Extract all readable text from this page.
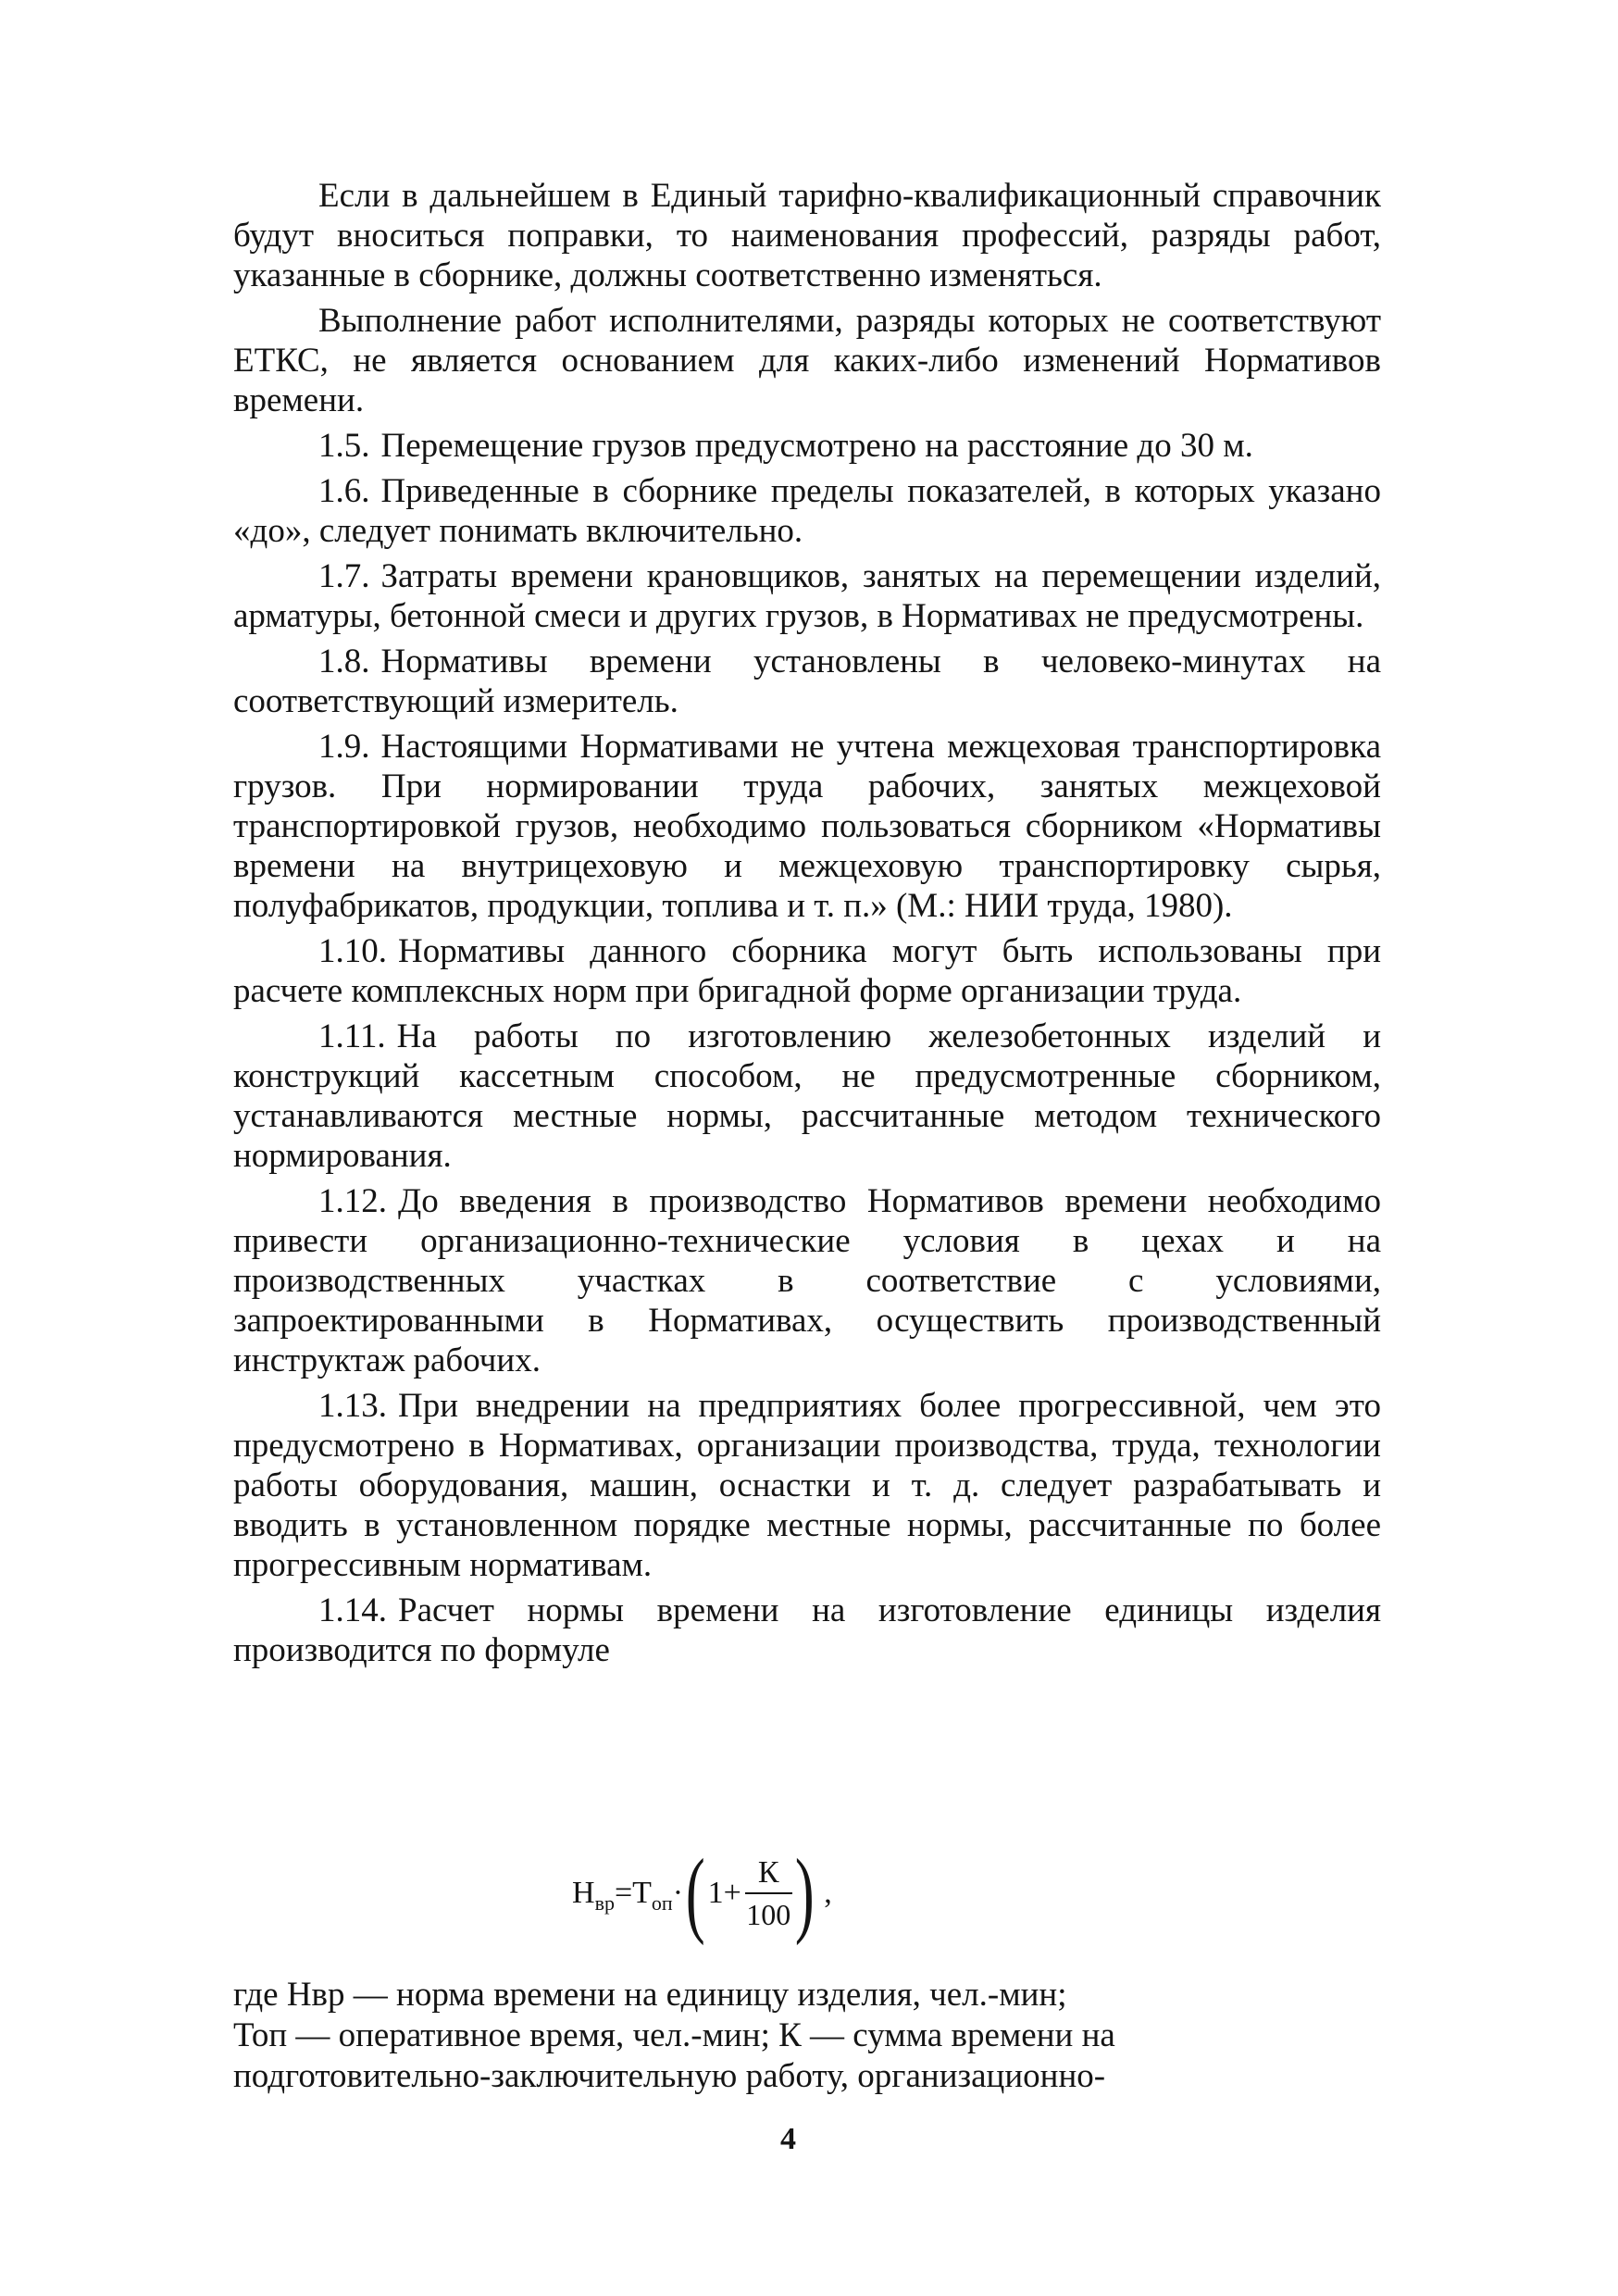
Если в дальнейшем в Единый тарифно-квалификационный справочник будут вноситься поправки, то наименования профессий, разряды работ, указанные в сборнике, должны соответственно изменяться.

Выполнение работ исполнителями, разряды которых не соответствуют ЕТКС, не является основанием для каких-либо изменений Нормативов времени.

1.5. Перемещение грузов предусмотрено на расстояние до 30 м.

1.6. Приведенные в сборнике пределы показателей, в которых указано «до», следует понимать включительно.

1.7. Затраты времени крановщиков, занятых на перемещении изделий, арматуры, бетонной смеси и других грузов, в Нормативах не предусмотрены.

1.8. Нормативы времени установлены в человеко-минутах на соответствующий измеритель.

1.9. Настоящими Нормативами не учтена межцеховая транспортировка грузов. При нормировании труда рабочих, занятых межцеховой транспортировкой грузов, необходимо пользоваться сборником «Нормативы времени на внутрицеховую и межцеховую транспортировку сырья, полуфабрикатов, продукции, топлива и т. п.» (М.: НИИ труда, 1980).

1.10. Нормативы данного сборника могут быть использованы при расчете комплексных норм при бригадной форме организации труда.

1.11. На работы по изготовлению железобетонных изделий и конструкций кассетным способом, не предусмотренные сборником, устанавливаются местные нормы, рассчитанные методом технического нормирования.

1.12. До введения в производство Нормативов времени необходимо привести организационно-технические условия в цехах и на производственных участках в соответствие с условиями, запроектированными в Нормативах, осуществить производственный инструктаж рабочих.

1.13. При внедрении на предприятиях более прогрессивной, чем это предусмотрено в Нормативах, организации производства, труда, технологии работы оборудования, машин, оснастки и т. д. следует разрабатывать и вводить в установленном порядке местные нормы, рассчитанные по более прогрессивным нормативам.

1.14. Расчет нормы времени на изготовление единицы изделия производится по формуле

Н вр = Т оп · ( $1+ \frac{К}{100}$ ) ,

где Нвр — норма времени на единицу изделия, чел.-мин;

Топ — оперативное время, чел.-мин; К — сумма времени на

подготовительно-заключительную работу, организационно-

4
